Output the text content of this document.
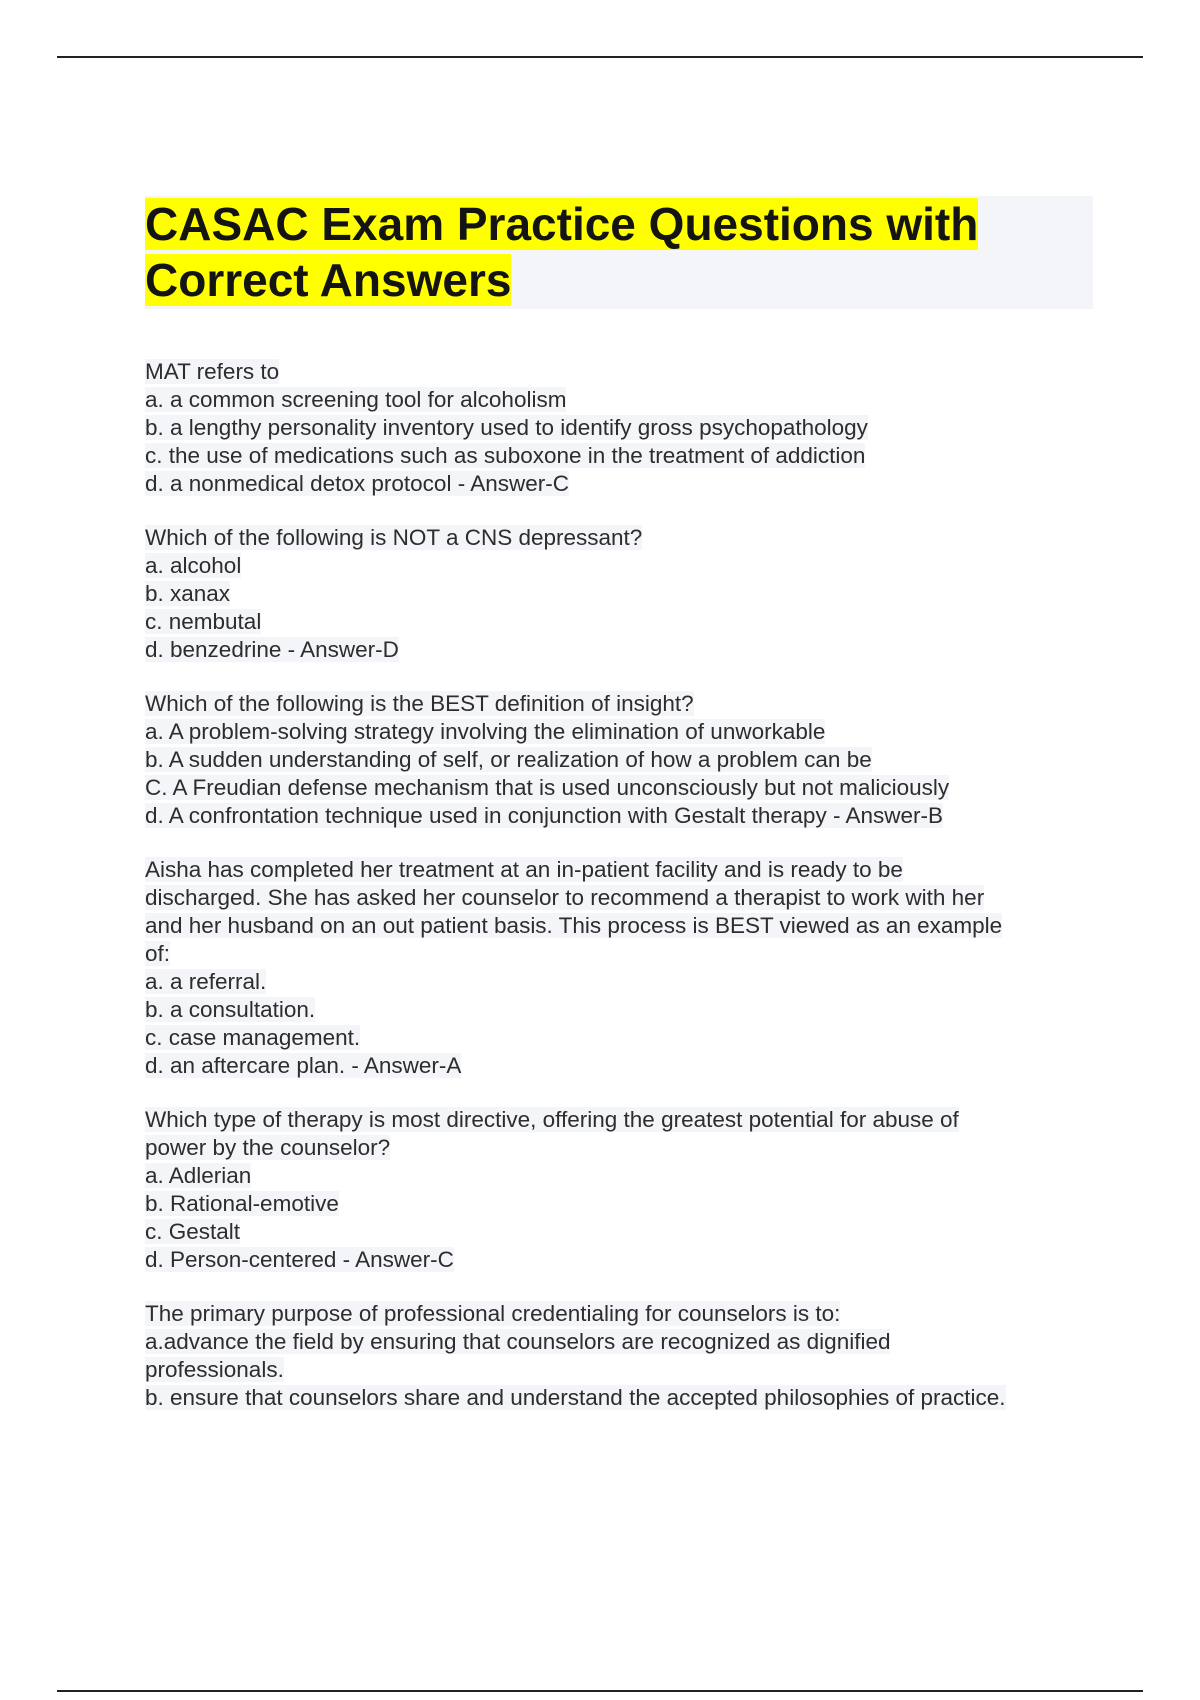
CASAC Exam Practice Questions with
Correct Answers
MAT refers to
a. a common screening tool for alcoholism
b. a lengthy personality inventory used to identify gross psychopathology
c. the use of medications such as suboxone in the treatment of addiction
d. a nonmedical detox protocol - Answer-C
Which of the following is NOT a CNS depressant?
a. alcohol
b. xanax
c. nembutal
d. benzedrine - Answer-D
Which of the following is the BEST definition of insight?
a. A problem-solving strategy involving the elimination of unworkable
b. A sudden understanding of self, or realization of how a problem can be
C. A Freudian defense mechanism that is used unconsciously but not maliciously
d. A confrontation technique used in conjunction with Gestalt therapy - Answer-B
Aisha has completed her treatment at an in-patient facility and is ready to be
discharged. She has asked her counselor to recommend a therapist to work with her
and her husband on an out patient basis. This process is BEST viewed as an example
of:
a. a referral.
b. a consultation.
c. case management.
d. an aftercare plan. - Answer-A
Which type of therapy is most directive, offering the greatest potential for abuse of
power by the counselor?
a. Adlerian
b. Rational-emotive
c. Gestalt
d. Person-centered - Answer-C
The primary purpose of professional credentialing for counselors is to:
a.advance the field by ensuring that counselors are recognized as dignified
professionals.
b. ensure that counselors share and understand the accepted philosophies of practice.
